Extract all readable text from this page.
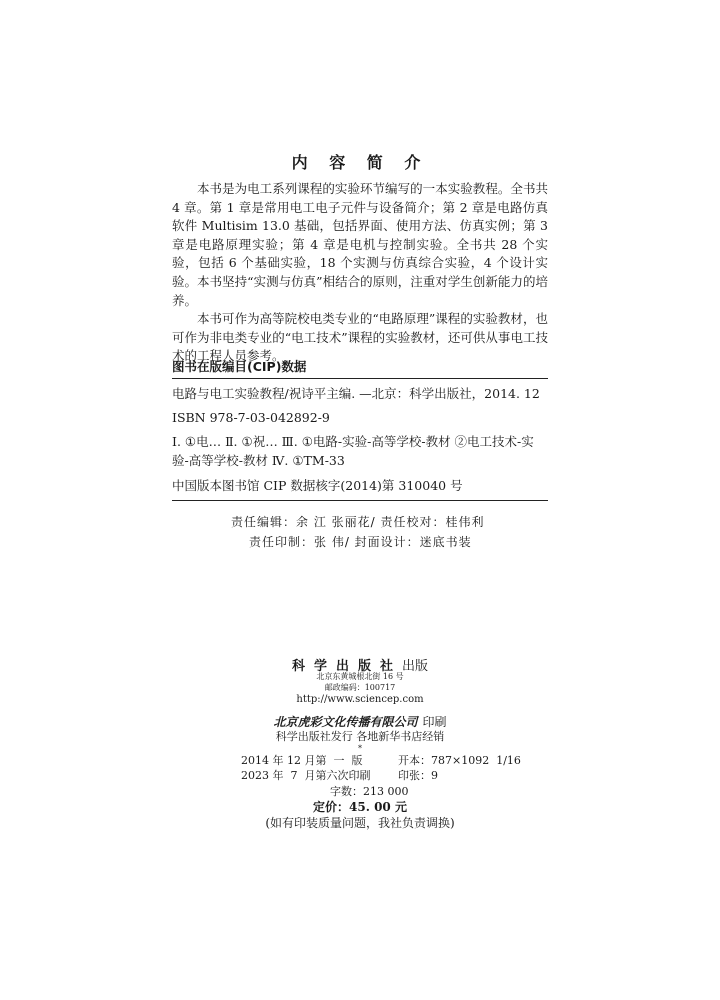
内 容 简 介

本书是为电工系列课程的实验环节编写的一本实验教程。全书共 4 章。第 1 章是常用电工电子元件与设备简介；第 2 章是电路仿真软件 Multisim 13.0 基础，包括界面、使用方法、仿真实例；第 3 章是电路原理实验；第 4 章是电机与控制实验。全书共 28 个实验，包括 6 个基础实验，18 个实测与仿真综合实验，4 个设计实验。本书坚持“实测与仿真”相结合的原则，注重对学生创新能力的培养。

本书可作为高等院校电类专业的“电路原理”课程的实验教材，也可作为非电类专业的“电工技术”课程的实验教材，还可供从事电工技术的工程人员参考。

图书在版编目(CIP)数据
电路与电工实验教程/祝诗平主编. —北京：科学出版社，2014. 12
ISBN 978-7-03-042892-9
Ⅰ. ①电… Ⅱ. ①祝… Ⅲ. ①电路-实验-高等学校-教材 ②电工技术-实验-高等学校-教材 Ⅳ. ①TM-33
中国版本图书馆 CIP 数据核字(2014)第 310040 号
责任编辑：余 江 张丽花/ 责任校对：桂伟利
责任印制：张 伟/ 封面设计：迷底书装
科学出版社出版
北京东黄城根北街 16 号
邮政编码：100717
http://www.sciencep.com
北京虎彩文化传播有限公司 印刷
科学出版社发行 各地新华书店经销
*
2014 年 12 月第  一  版	开本：787×1092  1/16
2023 年  7  月第六次印刷	印张：9
字数：213 000
定价：45. 00 元
(如有印装质量问题，我社负责调换)
